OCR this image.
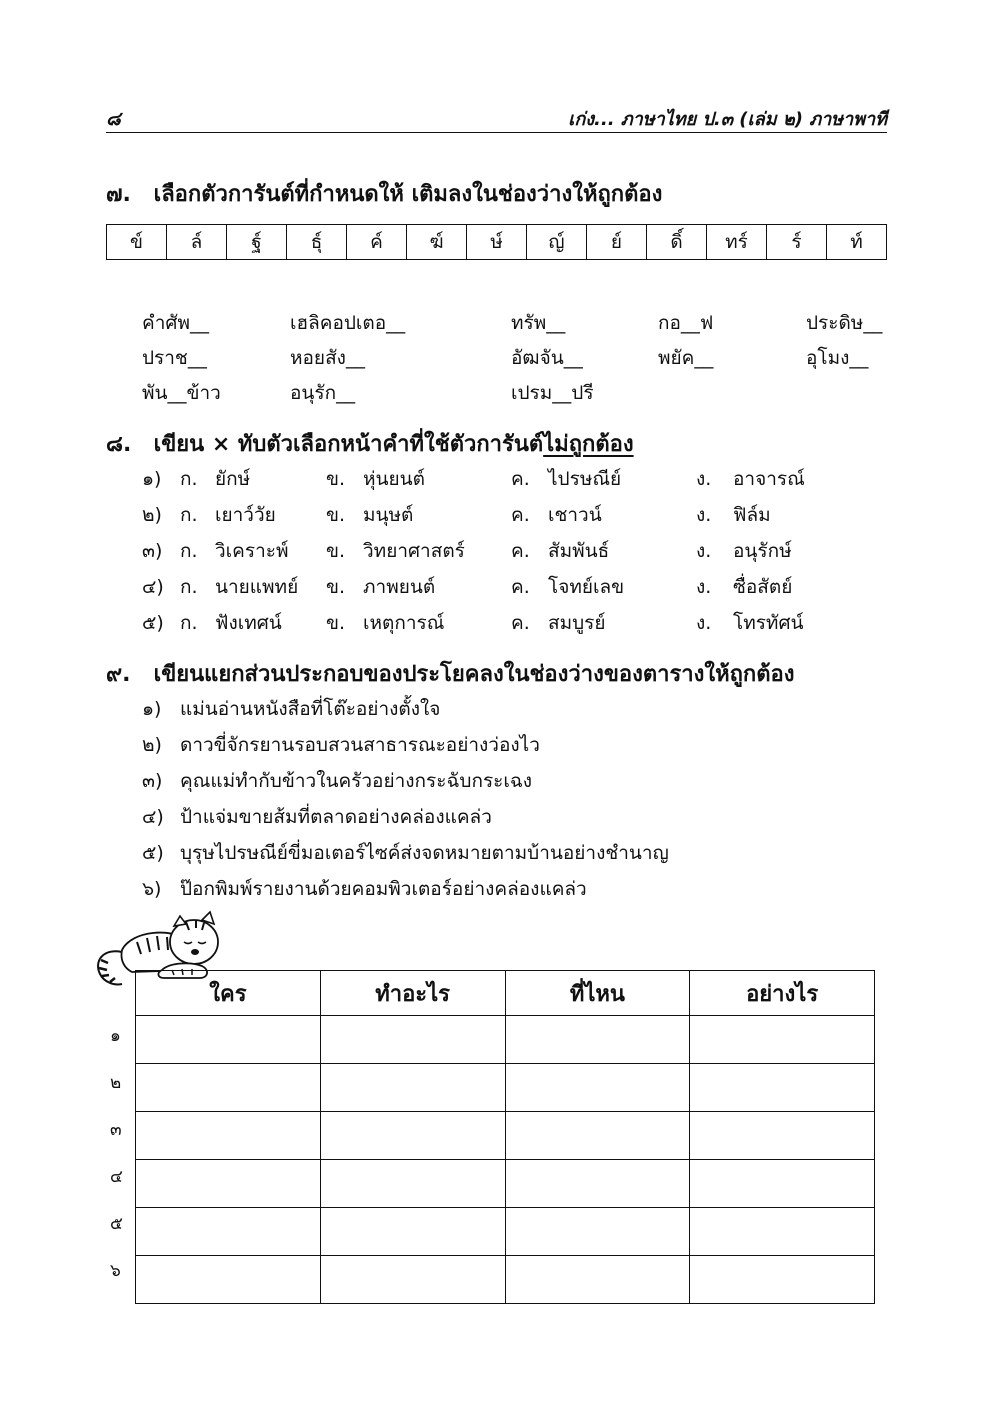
๘	เก่ง... ภาษาไทย ป.๓ (เล่ม ๒) ภาษาพาที
๗. เลือกตัวการันต์ที่กำหนดให้ เติมลงในช่องว่างให้ถูกต้อง
ข์	ล์	ฐ์	ธุ์	ค์	ฆ์	ษ์	ญ์	ย์	ดิ์	ทร์	ร์	ท์
คำศัพ__	เฮลิคอปเตอ__	ทรัพ__	กอ__ฟ	ประดิษ__
ปราช__	หอยสัง__	อัฒจัน__	พยัค__	อุโมง__
พัน__ข้าว	อนุรัก__	เปรม__ปรี
๘. เขียน × ทับตัวเลือกหน้าคำที่ใช้ตัวการันต์ไม่ถูกต้อง
๑) ก. ยักษ์	ข. หุ่นยนต์	ค. ไปรษณีย์	ง. อาจารณ์
๒) ก. เยาว์วัย	ข. มนุษต์	ค. เชาวน์	ง. ฟิล์ม
๓) ก. วิเคราะพ์ ข. วิทยาศาสตร์ ค. สัมพันธ์	ง. อนุรักษ์
๔) ก. นายแพทย์ ข. ภาพยนต์	ค. โจทย์เลข	ง. ซื่อสัตย์
๕) ก. ฟังเทศน์ ข. เหตุการณ์	ค. สมบูรย์	ง. โทรทัศน์
๙. เขียนแยกส่วนประกอบของประโยคลงในช่องว่างของตารางให้ถูกต้อง
๑) แม่นอ่านหนังสือที่โต๊ะอย่างตั้งใจ
๒) ดาวขี่จักรยานรอบสวนสาธารณะอย่างว่องไว
๓) คุณแม่ทำกับข้าวในครัวอย่างกระฉับกระเฉง
๔) ป้าแจ่มขายส้มที่ตลาดอย่างคล่องแคล่ว
๕) บุรุษไปรษณีย์ขี่มอเตอร์ไซค์ส่งจดหมายตามบ้านอย่างชำนาญ
๖) ป๊อกพิมพ์รายงานด้วยคอมพิวเตอร์อย่างคล่องแคล่ว
ใคร	ทำอะไร	ที่ไหน	อย่างไร

๑
๒
๓
๔
๕
๖
